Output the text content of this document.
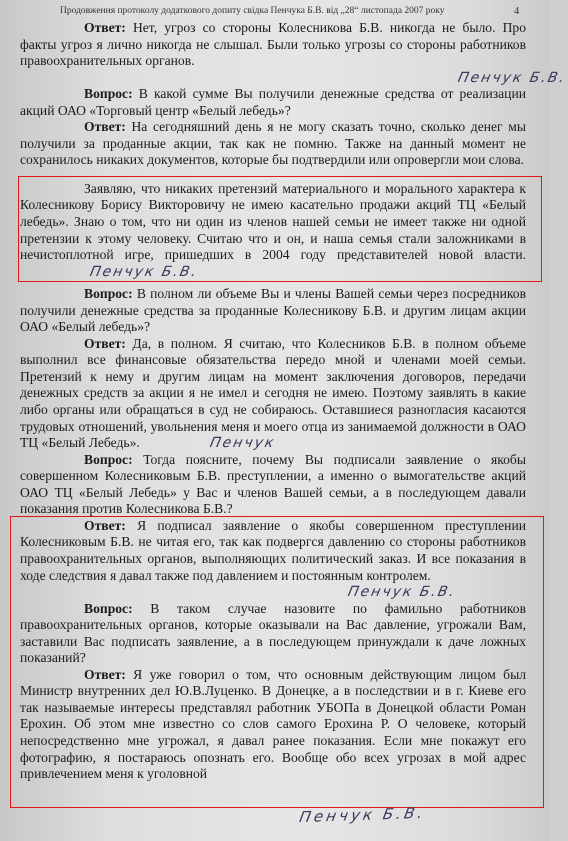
Продовження протоколу додаткового допиту свідка Пенчука Б.В. від „28“ листопада 2007 року	4

Ответ: Нет, угроз со стороны Колесникова Б.В. никогда не было. Про факты угроз я лично никогда не слышал. Были только угрозы со стороны работников правоохранительных органов.

Пенчук Б.В.

Вопрос: В какой сумме Вы получили денежные средства от реализации акций ОАО «Торговый центр «Белый лебедь»?

Ответ: На сегодняшний день я не могу сказать точно, сколько денег мы получили за проданные акции, так как не помню. Также на данный момент не сохранилось никаких документов, которые бы подтвердили или опровергли мои слова.

Заявляю, что никаких претензий материального и морального характера к Колесникову Борису Викторовичу не имею касательно продажи акций ТЦ «Белый лебедь». Знаю о том, что ни один из членов нашей семьи не имеет также ни одной претензии к этому человеку. Считаю что и он, и наша семья стали заложниками в нечистоплотной игре, пришедших в 2004 году представителей новой власти.Пенчук Б.В.

Вопрос: В полном ли объеме Вы и члены Вашей семьи через посредников получили денежные средства за проданные Колесникову Б.В. и другим лицам акции ОАО «Белый лебедь»?

Ответ: Да, в полном. Я считаю, что Колесников Б.В. в полном объеме выполнил все финансовые обязательства передо мной и членами моей семьи. Претензий к нему и другим лицам на момент заключения договоров, передачи денежных средств за акции я не имел и сегодня не имею. Поэтому заявлять в какие либо органы или обращаться в суд не собираюсь. Оставшиеся разногласия касаются трудовых отношений, увольнения меня и моего отца из занимаемой должности в ОАО ТЦ «Белый Лебедь».	Пенчук

Вопрос: Тогда поясните, почему Вы подписали заявление о якобы совершенном Колесниковым Б.В. преступлении, а именно о вымогательстве акций ОАО ТЦ «Белый Лебедь» у Вас и членов Вашей семьи, а в последующем давали показания против Колесникова Б.В.?

Ответ: Я подписал заявление о якобы совершенном преступлении Колесниковым Б.В. не читая его, так как подвергся давлению со стороны работников правоохранительных органов, выполняющих политический заказ. И все показания в ходе следствия я давал также под давлением и постоянным контролем.

Пенчук Б.В.

Вопрос: В таком случае назовите по фамильно работников правоохранительных органов, которые оказывали на Вас давление, угрожали Вам, заставили Вас подписать заявление, а в последующем принуждали к даче ложных показаний?

Ответ: Я уже говорил о том, что основным действующим лицом был Министр внутренних дел Ю.В.Луценко. В Донецке, а в последствии и в г. Киеве его так называемые интересы представлял работник УБОПа в Донецкой области Роман Ерохин. Об этом мне известно со слов самого Ерохина Р. О человеке, который непосредственно мне угрожал, я давал ранее показания. Если мне покажут его фотографию, я постараюсь опознать его. Вообще обо всех угрозах в мой адрес привлечением меня к уголовной

Пенчук Б.В.
